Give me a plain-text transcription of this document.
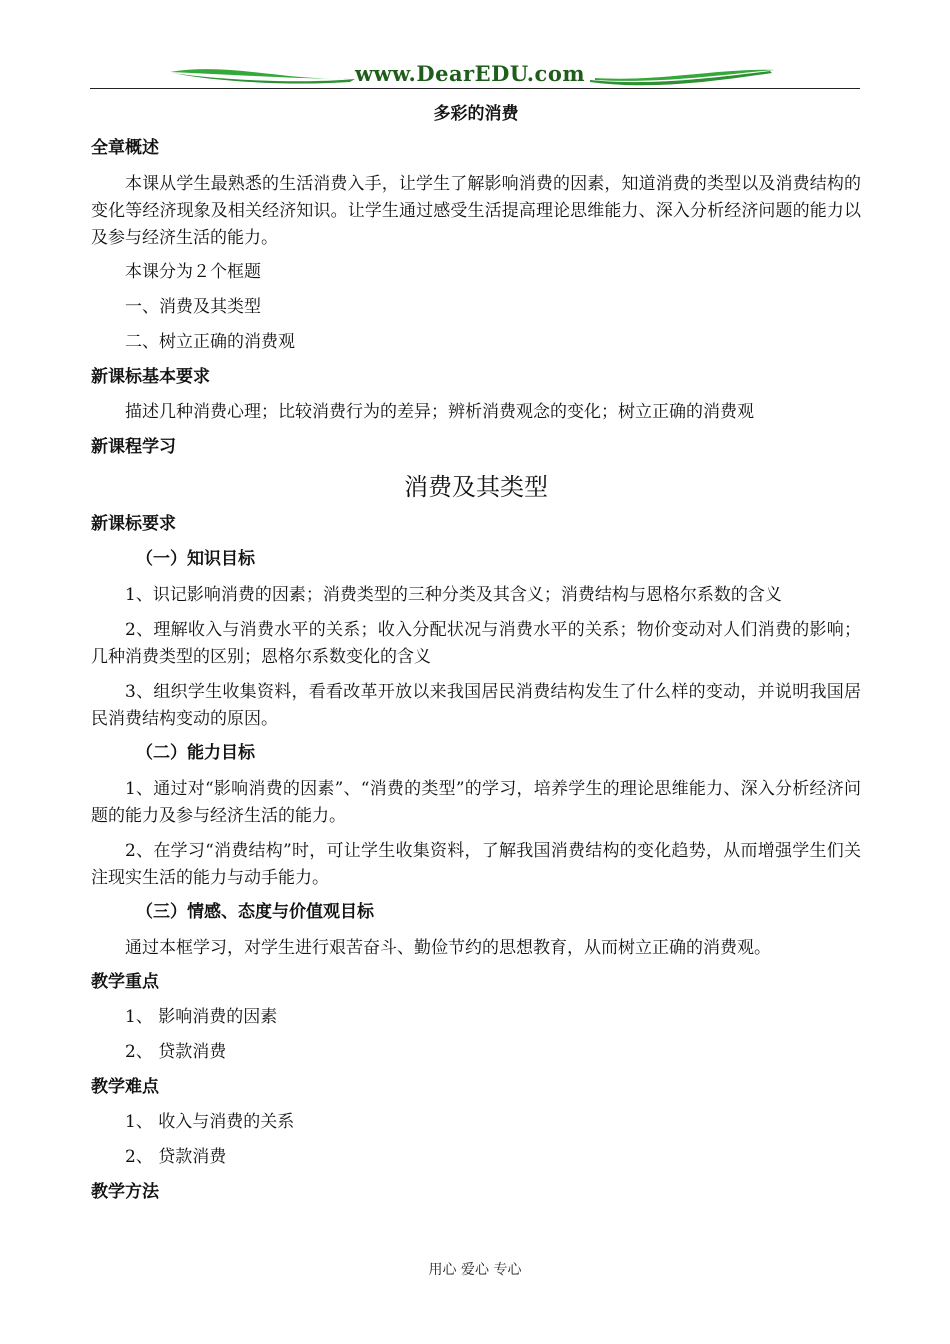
www.DearEDU.com
多彩的消费
全章概述
本课从学生最熟悉的生活消费入手，让学生了解影响消费的因素，知道消费的类型以及消费结构的变化等经济现象及相关经济知识。让学生通过感受生活提高理论思维能力、深入分析经济问题的能力以及参与经济生活的能力。
本课分为２个框题
一、消费及其类型
二、树立正确的消费观
新课标基本要求
描述几种消费心理；比较消费行为的差异；辨析消费观念的变化；树立正确的消费观
新课程学习
消费及其类型
新课标要求
（一）知识目标
1、识记影响消费的因素；消费类型的三种分类及其含义；消费结构与恩格尔系数的含义
2、理解收入与消费水平的关系；收入分配状况与消费水平的关系；物价变动对人们消费的影响；几种消费类型的区别；恩格尔系数变化的含义
3、组织学生收集资料，看看改革开放以来我国居民消费结构发生了什么样的变动，并说明我国居民消费结构变动的原因。
（二）能力目标
1、通过对“影响消费的因素”、“消费的类型”的学习，培养学生的理论思维能力、深入分析经济问题的能力及参与经济生活的能力。
2、在学习“消费结构”时，可让学生收集资料，了解我国消费结构的变化趋势，从而增强学生们关注现实生活的能力与动手能力。
（三）情感、态度与价值观目标
通过本框学习，对学生进行艰苦奋斗、勤俭节约的思想教育，从而树立正确的消费观。
教学重点
1、 影响消费的因素
2、 贷款消费
教学难点
1、 收入与消费的关系
2、 贷款消费
教学方法
用心 爱心 专心
